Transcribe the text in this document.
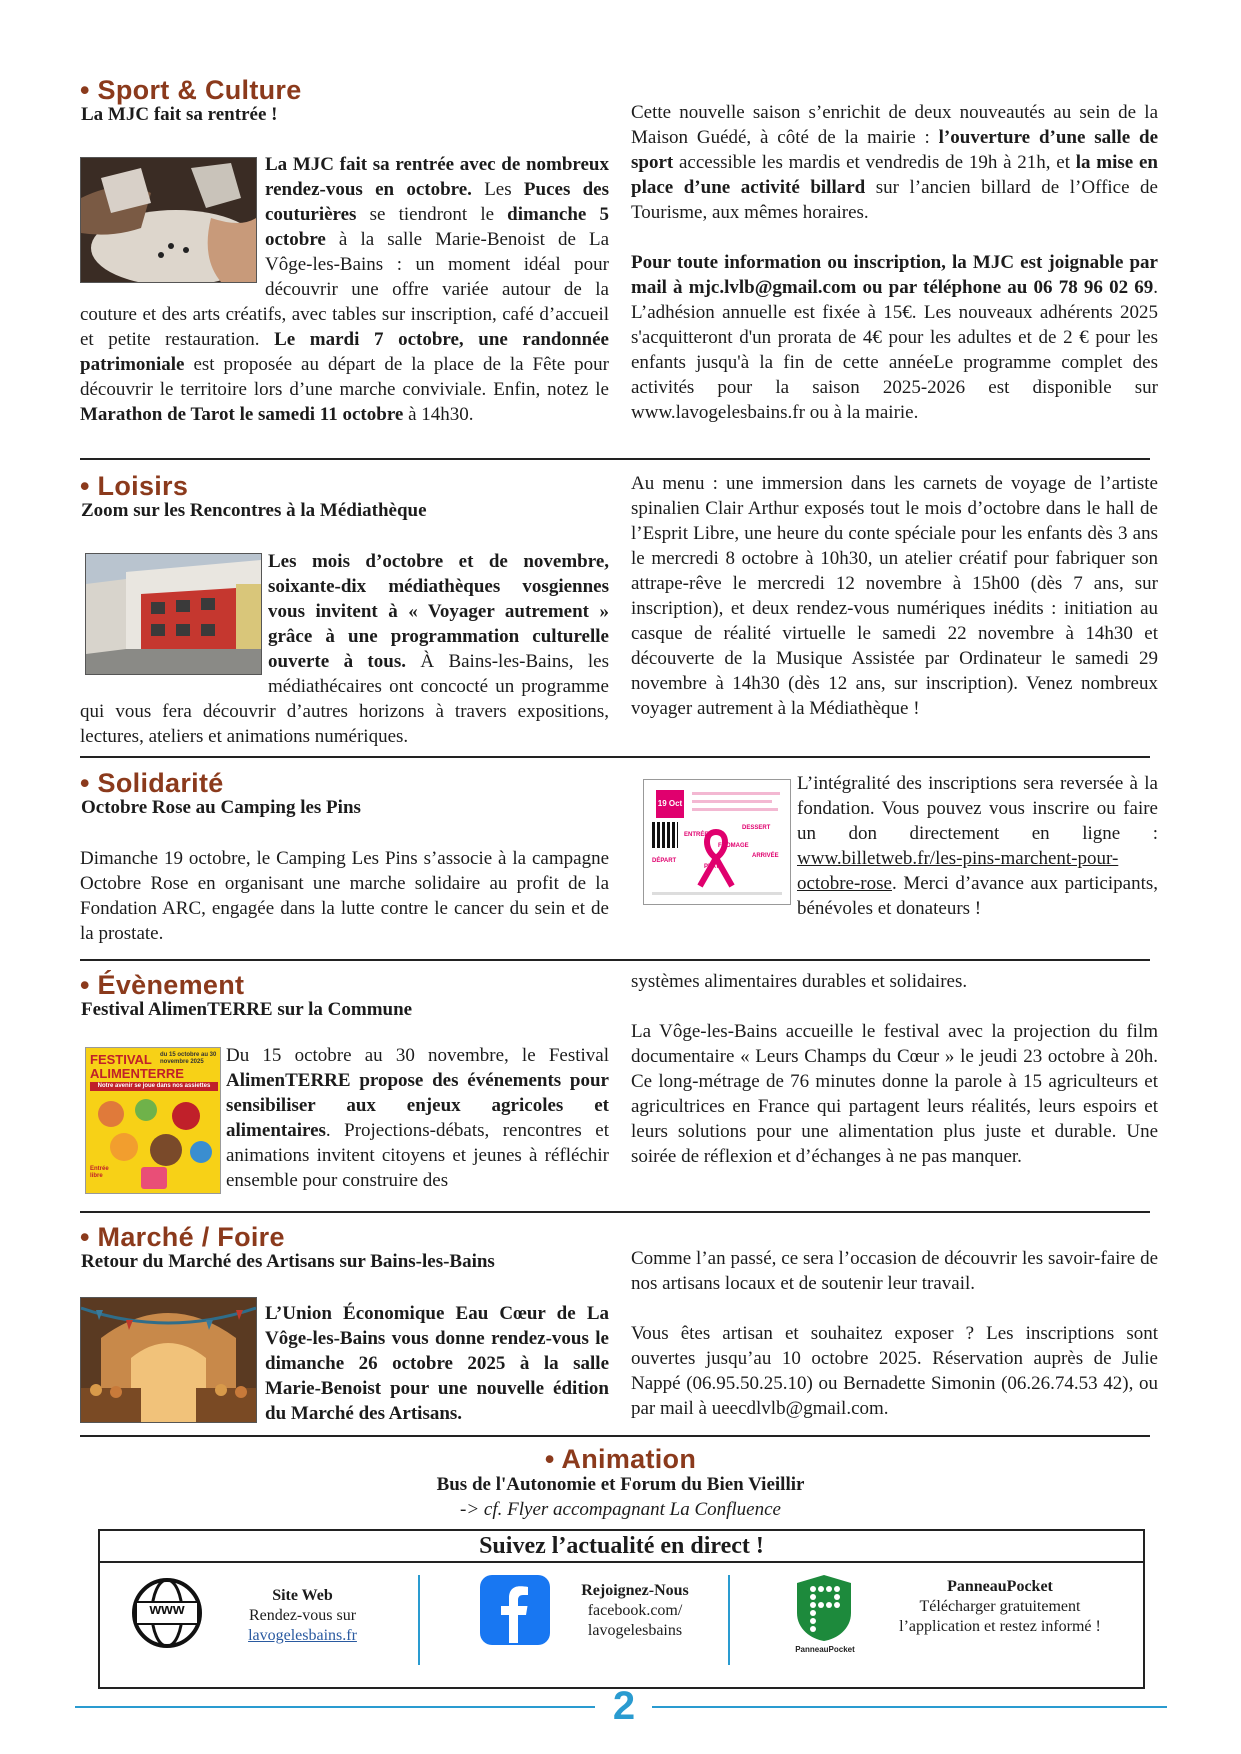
• Sport & Culture
La MJC fait sa rentrée !

La MJC fait sa rentrée avec de nombreux rendez-vous en octobre. Les Puces des couturières se tiendront le dimanche 5 octobre à la salle Marie-Benoist de La Vôge-les-Bains : un moment idéal pour découvrir une offre variée autour de la couture et des arts créatifs, avec tables sur inscription, café d’accueil et petite restauration. Le mardi 7 octobre, une randonnée patrimoniale est proposée au départ de la place de la Fête pour découvrir le territoire lors d’une marche conviviale. Enfin, notez le Marathon de Tarot le samedi 11 octobre à 14h30.

Cette nouvelle saison s’enrichit de deux nouveautés au sein de la Maison Guédé, à côté de la mairie : l’ouverture d’une salle de sport accessible les mardis et vendredis de 19h à 21h, et la mise en place d’une activité billard sur l’ancien billard de l’Office de Tourisme, aux mêmes horaires.

Pour toute information ou inscription, la MJC est joignable par mail à mjc.lvlb@gmail.com ou par téléphone au 06 78 96 02 69. L’adhésion annuelle est fixée à 15€. Les nouveaux adhérents 2025 s'acquitteront d'un prorata de 4€ pour les adultes et de 2 € pour les enfants jusqu'à la fin de cette annéeLe programme complet des activités pour la saison 2025-2026 est disponible sur www.lavogelesbains.fr ou à la mairie.

• Loisirs
Zoom sur les Rencontres à la Médiathèque

Les mois d’octobre et de novembre, soixante-dix médiathèques vosgiennes vous invitent à « Voyager autrement » grâce à une programmation culturelle ouverte à tous. À Bains-les-Bains, les médiathécaires ont concocté un programme qui vous fera découvrir d’autres horizons à travers expositions, lectures, ateliers et animations numériques.

Au menu : une immersion dans les carnets de voyage de l’artiste spinalien Clair Arthur exposés tout le mois d’octobre dans le hall de l’Esprit Libre, une heure du conte spéciale pour les enfants dès 3 ans le mercredi 8 octobre à 10h30, un atelier créatif pour fabriquer son attrape-rêve le mercredi 12 novembre à 15h00 (dès 7 ans, sur inscription), et deux rendez-vous numériques inédits : initiation au casque de réalité virtuelle le samedi 22 novembre à 14h30 et découverte de la Musique Assistée par Ordinateur le samedi 29 novembre à 14h30 (dès 12 ans, sur inscription). Venez nombreux voyager autrement à la Médiathèque !

• Solidarité
Octobre Rose au Camping les Pins

Dimanche 19 octobre, le Camping Les Pins s’associe à la campagne Octobre Rose en organisant une marche solidaire au profit de la Fondation ARC, engagée dans la lutte contre le cancer du sein et de la prostate.

19 Oct
ENTRÉE
DESSERT
FROMAGE
DÉPART
PLAT
ARRIVÉE

L’intégralité des inscriptions sera reversée à la fondation. Vous pouvez vous inscrire ou faire un don directement en ligne : www.billetweb.fr/les-pins-marchent-pour-octobre-rose. Merci d’avance aux participants, bénévoles et donateurs !

• Évènement
Festival AlimenTERRE sur la Commune
FESTIVAL
ALIMENTERRE
du 15 octobre au 30 novembre 2025
Notre avenir se joue dans nos assiettes
Entrée libre

Du 15 octobre au 30 novembre, le Festival AlimenTERRE propose des événements pour sensibiliser aux enjeux agricoles et alimentaires. Projections-débats, rencontres et animations invitent citoyens et jeunes à réfléchir ensemble pour construire des

systèmes alimentaires durables et solidaires.

La Vôge-les-Bains accueille le festival avec la projection du film documentaire « Leurs Champs du Cœur » le jeudi 23 octobre à 20h. Ce long-métrage de 76 minutes donne la parole à 15 agriculteurs et agricultrices en France qui partagent leurs réalités, leurs espoirs et leurs solutions pour une alimentation plus juste et durable. Une soirée de réflexion et d’échanges à ne pas manquer.

• Marché / Foire
Retour du Marché des Artisans sur Bains-les-Bains

L’Union Économique Eau Cœur de La Vôge-les-Bains vous donne rendez-vous le dimanche 26 octobre 2025 à la salle Marie-Benoist pour une nouvelle édition du Marché des Artisans.

Comme l’an passé, ce sera l’occasion de découvrir les savoir-faire de nos artisans locaux et de soutenir leur travail.

Vous êtes artisan et souhaitez exposer ? Les inscriptions sont ouvertes jusqu’au 10 octobre 2025. Réservation auprès de Julie Nappé (06.95.50.25.10) ou Bernadette Simonin (06.26.74.53 42), ou par mail à ueecdlvlb@gmail.com.

• Animation
Bus de l'Autonomie et Forum du Bien Vieillir
-> cf. Flyer accompagnant La Confluence
Suivez l’actualité en direct !
www
Site Web
Rendez-vous sur
lavogelesbains.fr
Rejoignez-Nous
facebook.com/
lavogelesbains
PanneauPocket
PanneauPocket
Télécharger gratuitement
l’application et restez informé !
2
